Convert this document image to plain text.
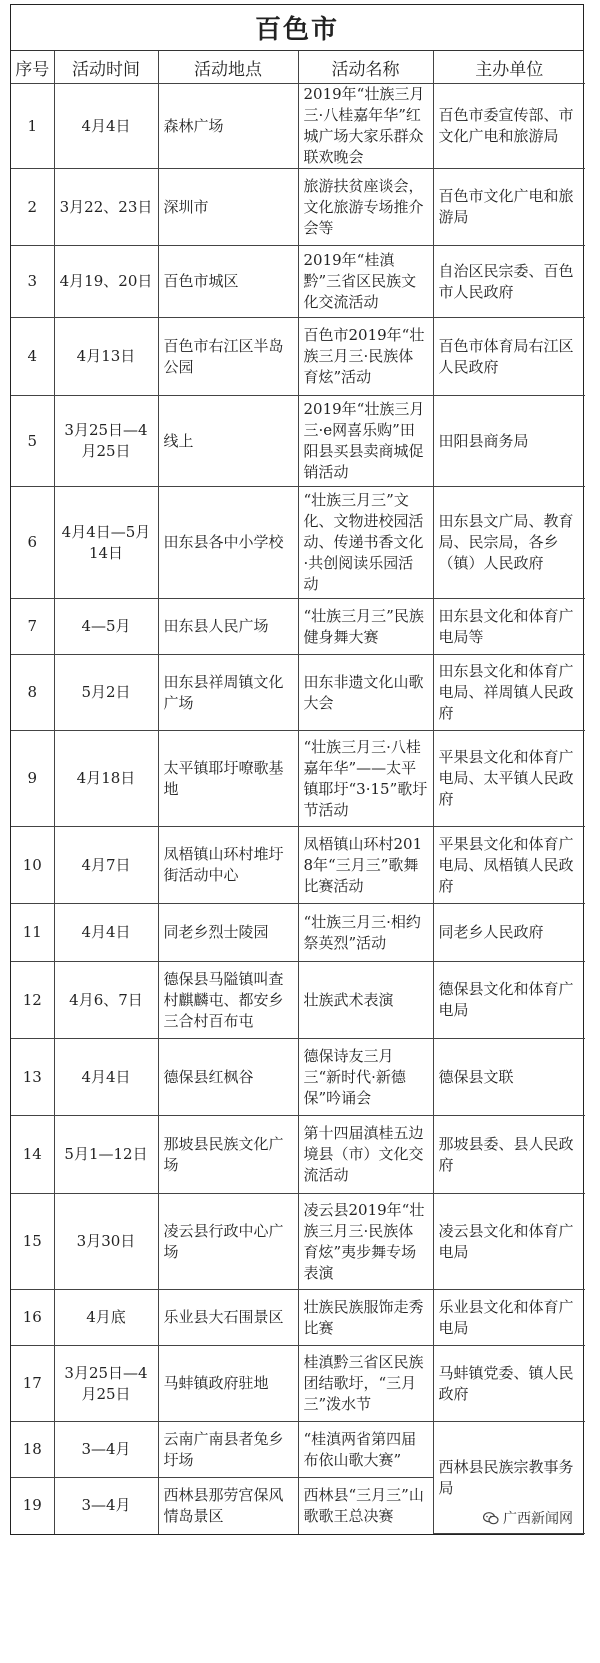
百色市
序号	活动时间	活动地点	活动名称	主办单位
1	4月4日	森林广场	2019年“壮族三月三·八桂嘉年华”红城广场大家乐群众联欢晚会	百色市委宣传部、市文化广电和旅游局
2	3月22、23日	深圳市	旅游扶贫座谈会，文化旅游专场推介会等	百色市文化广电和旅游局
3	4月19、20日	百色市城区	2019年“桂滇黔”三省区民族文化交流活动	自治区民宗委、百色市人民政府
4	4月13日	百色市右江区半岛公园	百色市2019年“壮族三月三·民族体育炫”活动	百色市体育局右江区人民政府
5	3月25日—4月25日	线上	2019年“壮族三月三·e网喜乐购”田阳县买县卖商城促销活动	田阳县商务局
6	4月4日—5月14日	田东县各中小学校	“壮族三月三”文化、文物进校园活动、传递书香文化·共创阅读乐园活动	田东县文广局、教育局、民宗局，各乡（镇）人民政府
7	4—5月	田东县人民广场	“壮族三月三”民族健身舞大赛	田东县文化和体育广电局等
8	5月2日	田东县祥周镇文化广场	田东非遗文化山歌大会	田东县文化和体育广电局、祥周镇人民政府
9	4月18日	太平镇耶圩嘹歌基地	“壮族三月三·八桂嘉年华”——太平镇耶圩“3·15”歌圩节活动	平果县文化和体育广电局、太平镇人民政府
10	4月7日	凤梧镇山环村堆圩街活动中心	凤梧镇山环村2018年“三月三”歌舞比赛活动	平果县文化和体育广电局、凤梧镇人民政府
11	4月4日	同老乡烈士陵园	“壮族三月三·相约祭英烈”活动	同老乡人民政府
12	4月6、7日	德保县马隘镇叫查村麒麟屯、都安乡三合村百布屯	壮族武术表演	德保县文化和体育广电局
13	4月4日	德保县红枫谷	德保诗友三月三“新时代·新德保”吟诵会	德保县文联
14	5月1—12日	那坡县民族文化广场	第十四届滇桂五边境县（市）文化交流活动	那坡县委、县人民政府
15	3月30日	凌云县行政中心广场	凌云县2019年“壮族三月三·民族体育炫”夷步舞专场表演	凌云县文化和体育广电局
16	4月底	乐业县大石围景区	壮族民族服饰走秀比赛	乐业县文化和体育广电局
17	3月25日—4月25日	马蚌镇政府驻地	桂滇黔三省区民族团结歌圩，“三月三”泼水节	马蚌镇党委、镇人民政府
18	3—4月	云南广南县者兔乡圩场	“桂滇两省第四届布依山歌大赛”	西林县民族宗教事务局
19	3—4月	西林县那劳宫保风情岛景区	西林县“三月三”山歌歌王总决赛		广西新闻网
